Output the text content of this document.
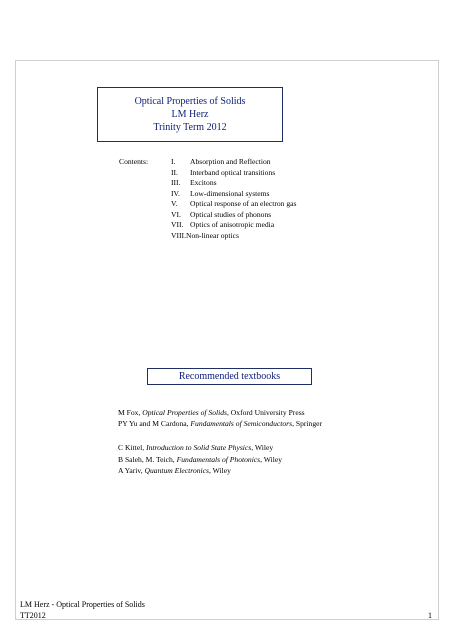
Optical Properties of Solids
LM Herz
Trinity Term 2012
Contents:	I.	Absorption and Reflection
II.	Interband optical transitions
III.	Excitons
IV.	Low-dimensional systems
V.	Optical response of an electron gas
VI.	Optical studies of phonons
VII. Optics of anisotropic media
VIII. Non-linear optics
Recommended textbooks

M Fox, Optical Properties of Solids, Oxford University Press

PY Yu and M Cardona, Fundamentals of Semiconductors, Springer

C Kittel, Introduction to Solid State Physics, Wiley

B Saleh, M. Teich, Fundamentals of Photonics, Wiley

A Yariv, Quantum Electronics, Wiley

LM Herz - Optical Properties of Solids
TT2012	1
